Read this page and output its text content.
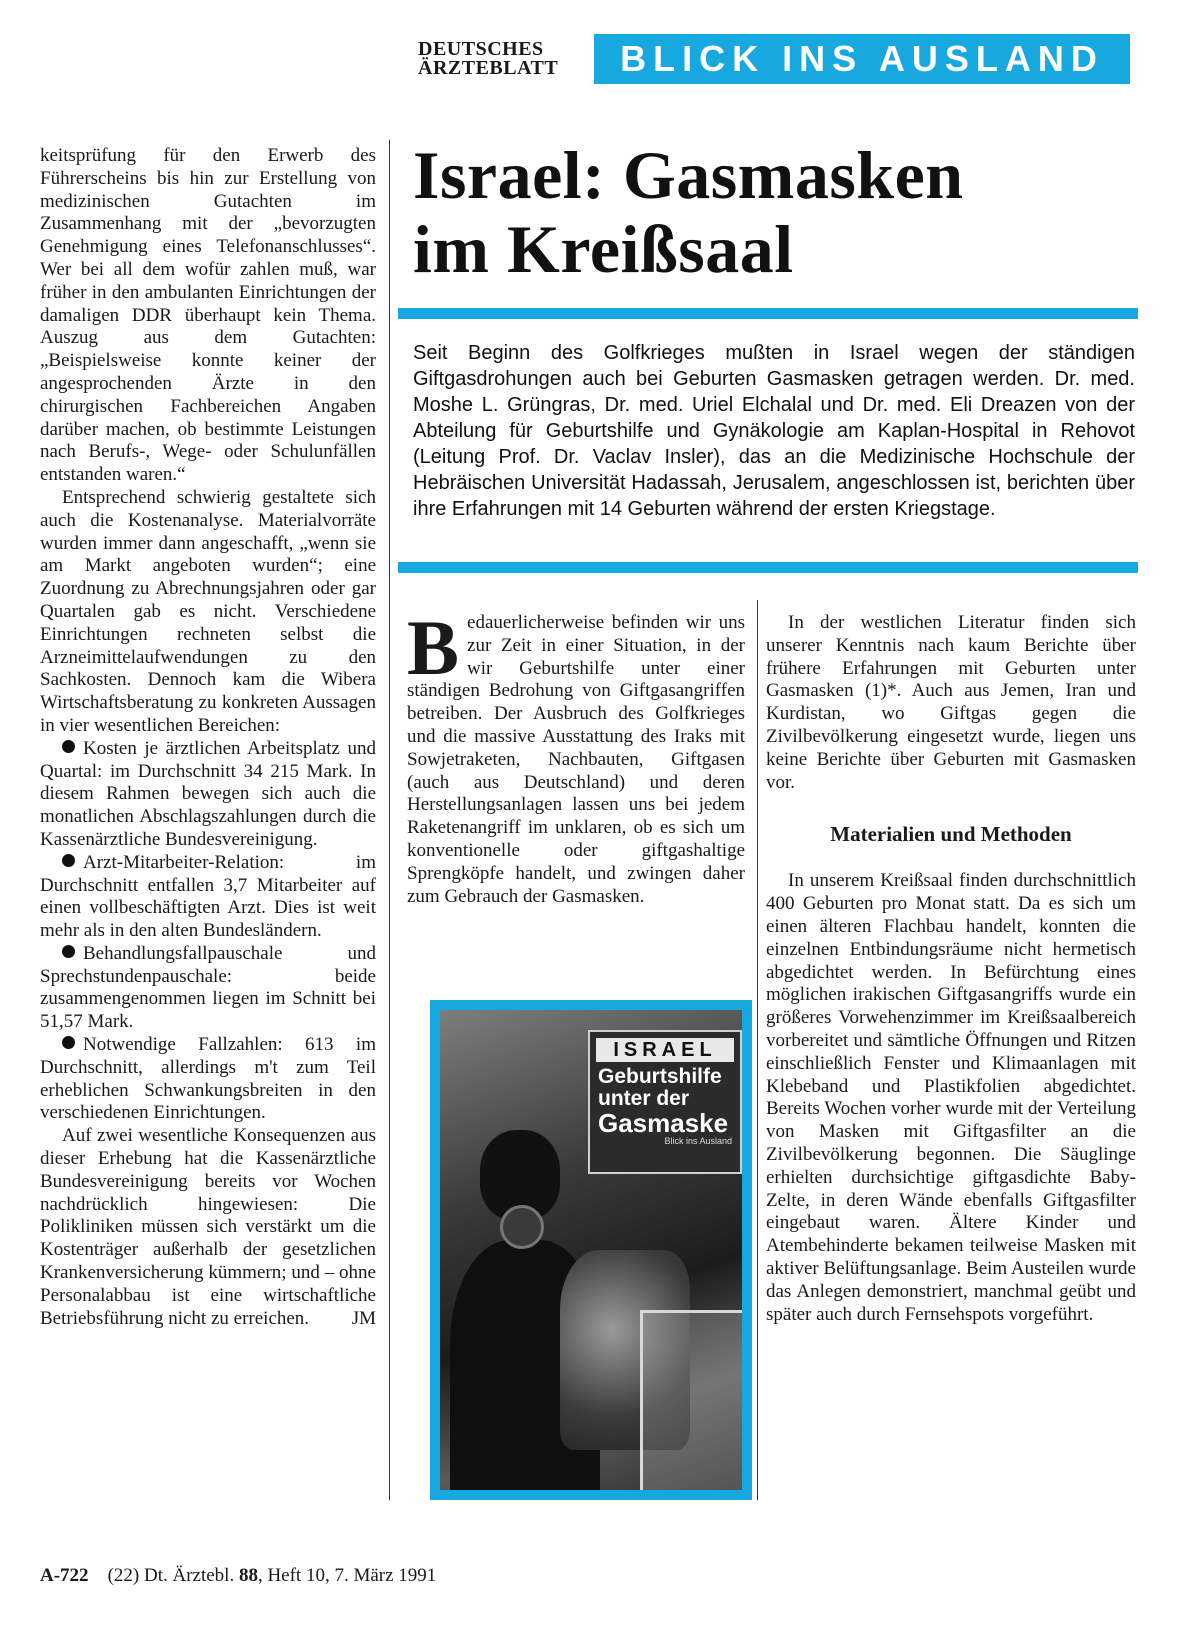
DEUTSCHES
ÄRZTEBLATT	BLICK INS AUSLAND

keitsprüfung für den Erwerb des Führerscheins bis hin zur Erstellung von medizinischen Gutachten im Zusammenhang mit der „bevorzugten Genehmigung eines Telefonanschlusses“. Wer bei all dem wofür zahlen muß, war früher in den ambulanten Einrichtungen der damaligen DDR überhaupt kein Thema. Auszug aus dem Gutachten: „Beispielsweise konnte keiner der angesprochenden Ärzte in den chirurgischen Fachbereichen Angaben darüber machen, ob bestimmte Leistungen nach Berufs-, Wege- oder Schulunfällen entstanden waren.“

Entsprechend schwierig gestaltete sich auch die Kostenanalyse. Materialvorräte wurden immer dann angeschafft, „wenn sie am Markt angeboten wurden“; eine Zuordnung zu Abrechnungsjahren oder gar Quartalen gab es nicht. Verschiedene Einrichtungen rechneten selbst die Arzneimittelaufwendungen zu den Sachkosten. Dennoch kam die Wibera Wirtschaftsberatung zu konkreten Aussagen in vier wesentlichen Bereichen:

Kosten je ärztlichen Arbeitsplatz und Quartal: im Durchschnitt 34 215 Mark. In diesem Rahmen bewegen sich auch die monatlichen Abschlagszahlungen durch die Kassenärztliche Bundesvereinigung.

Arzt-Mitarbeiter-Relation: im Durchschnitt entfallen 3,7 Mitarbeiter auf einen vollbeschäftigten Arzt. Dies ist weit mehr als in den alten Bundesländern.

Behandlungsfallpauschale und Sprechstundenpauschale: beide zusammengenommen liegen im Schnitt bei 51,57 Mark.

Notwendige Fallzahlen: 613 im Durchschnitt, allerdings m't zum Teil erheblichen Schwankungsbreiten in den verschiedenen Einrichtungen.

Auf zwei wesentliche Konsequenzen aus dieser Erhebung hat die Kassenärztliche Bundesvereinigung bereits vor Wochen nachdrücklich hingewiesen: Die Polikliniken müssen sich verstärkt um die Kostenträger außerhalb der gesetzlichen Krankenversicherung kümmern; und – ohne Personalabbau ist eine wirtschaftliche Betriebsführung nicht zu erreichen.	JM

Israel: Gasmasken
im Kreißsaal
Seit Beginn des Golfkrieges mußten in Israel wegen der ständigen Giftgasdrohungen auch bei Geburten Gasmasken getragen werden. Dr. med. Moshe L. Grüngras, Dr. med. Uriel Elchalal und Dr. med. Eli Dreazen von der Abteilung für Geburtshilfe und Gynäkologie am Kaplan-Hospital in Rehovot (Leitung Prof. Dr. Vaclav Insler), das an die Medizinische Hochschule der Hebräischen Universität Hadassah, Jerusalem, angeschlossen ist, berichten über ihre Erfahrungen mit 14 Geburten während der ersten Kriegstage.

Bedauerlicherweise befinden wir uns zur Zeit in einer Situation, in der wir Geburtshilfe unter einer ständigen Bedrohung von Giftgasangriffen betreiben. Der Ausbruch des Golfkrieges und die massive Ausstattung des Iraks mit Sowjetraketen, Nachbauten, Giftgasen (auch aus Deutschland) und deren Herstellungsanlagen lassen uns bei jedem Raketenangriff im unklaren, ob es sich um konventionelle oder giftgashaltige Sprengköpfe handelt, und zwingen daher zum Gebrauch der Gasmasken.

ISRAEL
Geburtshilfe unter der
Gasmaske
Blick ins Ausland

In der westlichen Literatur finden sich unserer Kenntnis nach kaum Berichte über frühere Erfahrungen mit Geburten unter Gasmasken (1)*. Auch aus Jemen, Iran und Kurdistan, wo Giftgas gegen die Zivilbevölkerung eingesetzt wurde, liegen uns keine Berichte über Geburten mit Gasmasken vor.

Materialien und Methoden

In unserem Kreißsaal finden durchschnittlich 400 Geburten pro Monat statt. Da es sich um einen älteren Flachbau handelt, konnten die einzelnen Entbindungsräume nicht hermetisch abgedichtet werden. In Befürchtung eines möglichen irakischen Giftgasangriffs wurde ein größeres Vorwehenzimmer im Kreißsaalbereich vorbereitet und sämtliche Öffnungen und Ritzen einschließlich Fenster und Klimaanlagen mit Klebeband und Plastikfolien abgedichtet. Bereits Wochen vorher wurde mit der Verteilung von Masken mit Giftgasfilter an die Zivilbevölkerung begonnen. Die Säuglinge erhielten durchsichtige giftgasdichte Baby-Zelte, in deren Wände ebenfalls Giftgasfilter eingebaut waren. Ältere Kinder und Atembehinderte bekamen teilweise Masken mit aktiver Belüftungsanlage. Beim Austeilen wurde das Anlegen demonstriert, manchmal geübt und später auch durch Fernsehspots vorgeführt.

A-722 (22) Dt. Ärztebl. 88, Heft 10, 7. März 1991
